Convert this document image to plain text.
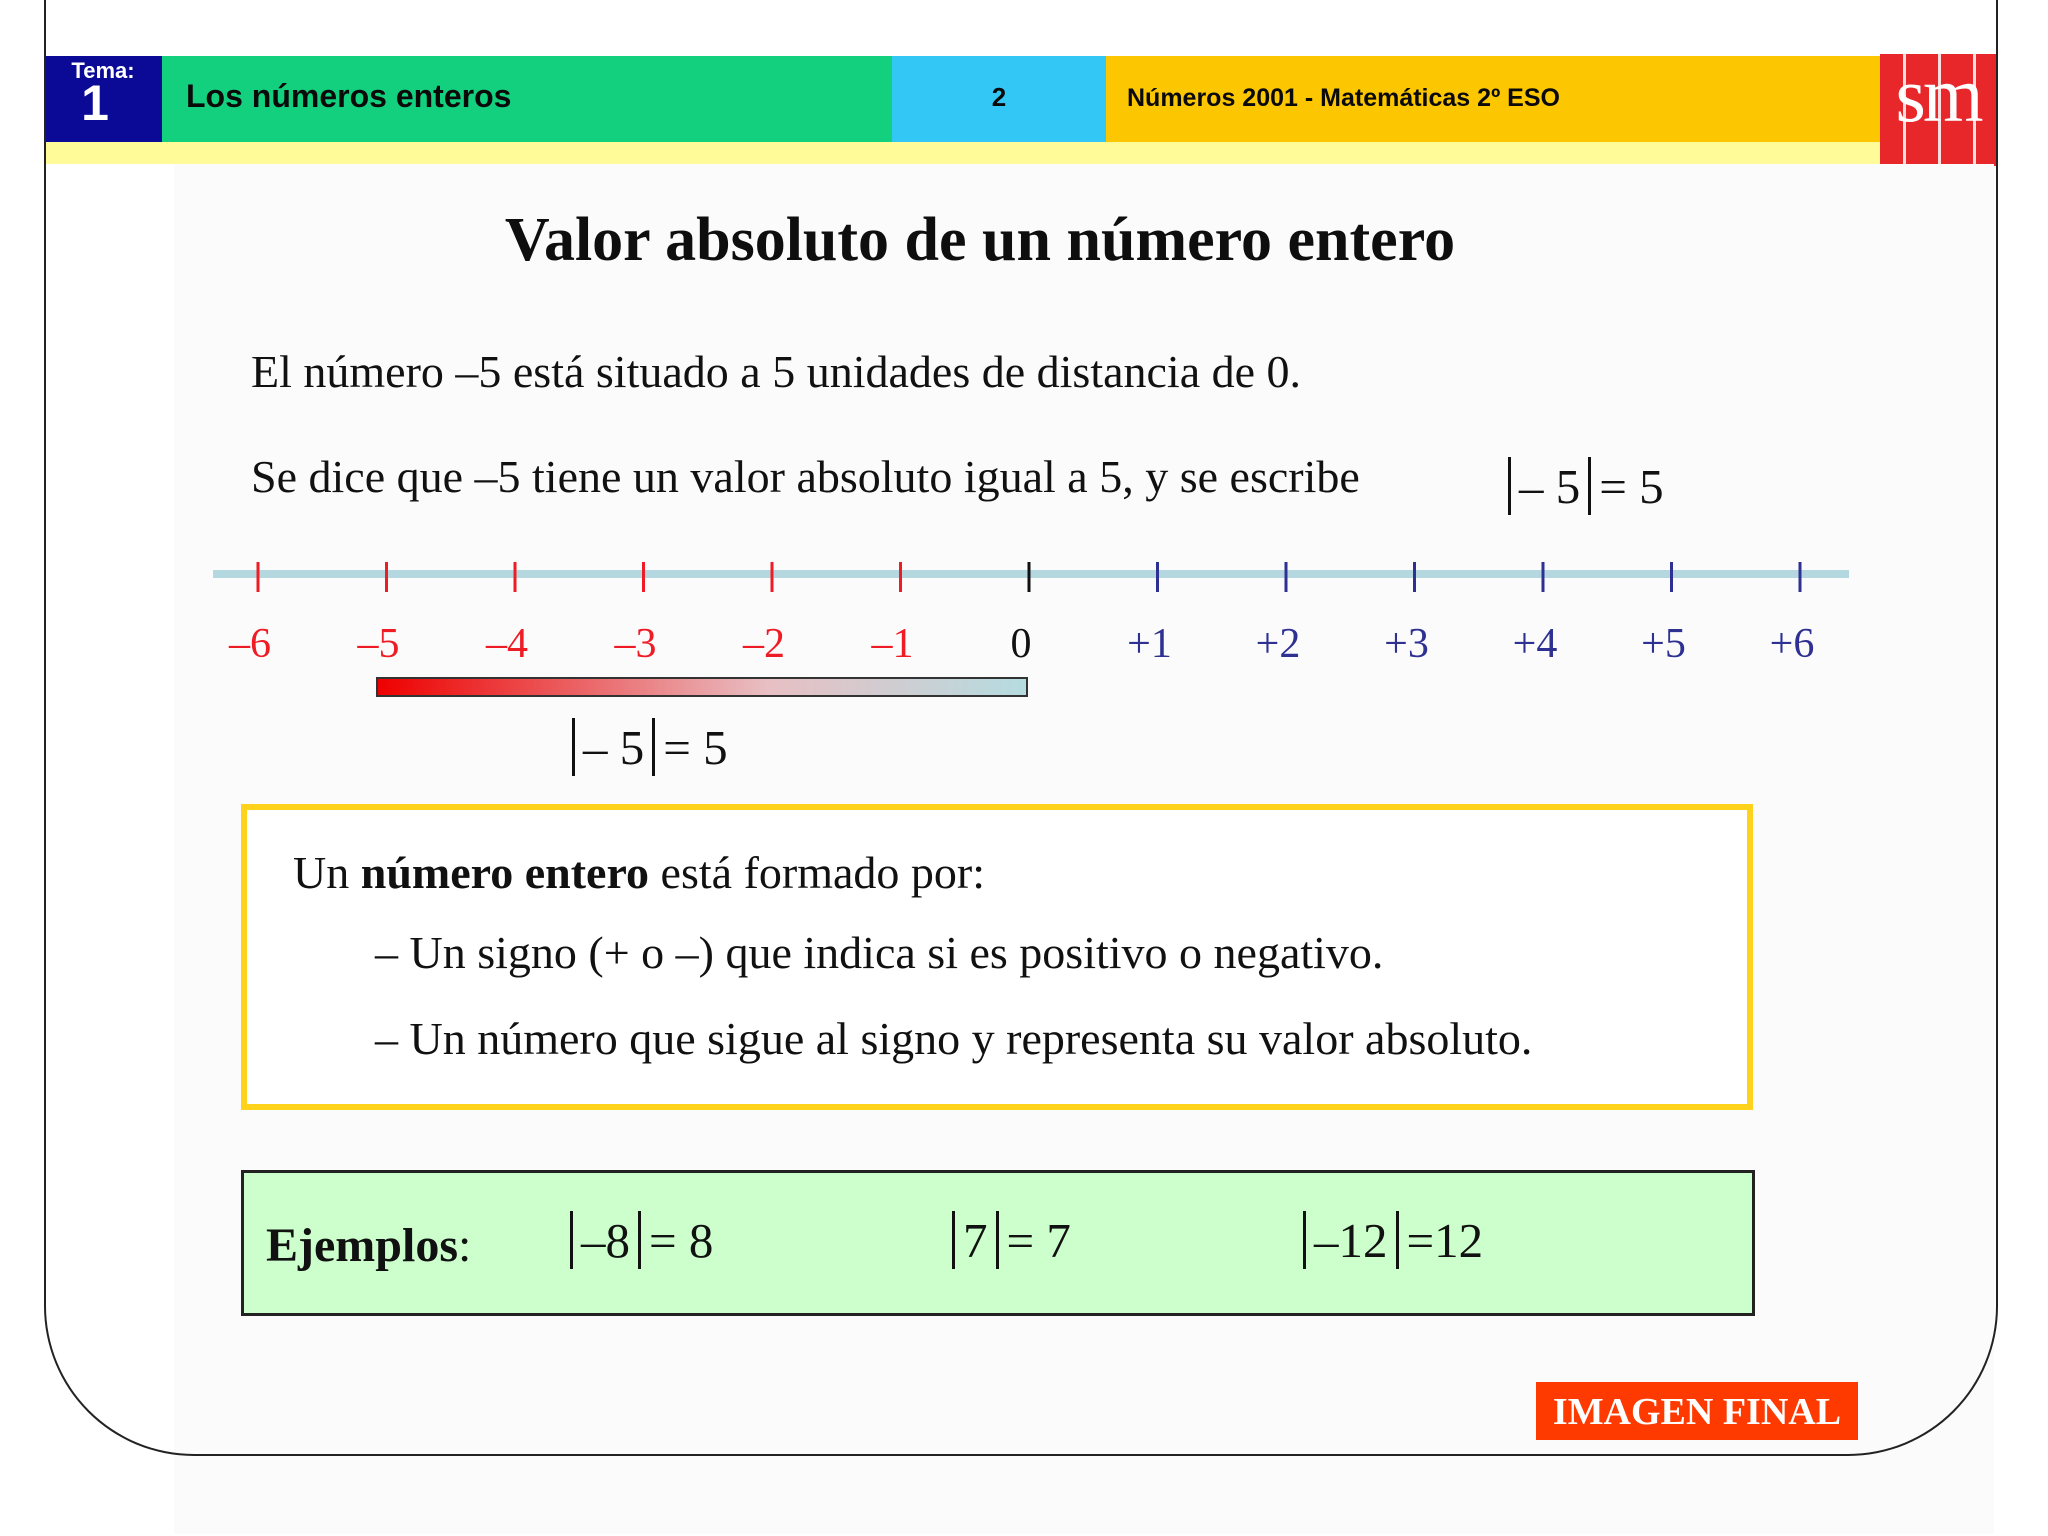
Tema:
1	Los números enteros	2	Números 2001 - Matemáticas 2º ESO	sm
Valor absoluto de un número entero
El número –5 está situado a 5 unidades de distancia de 0.
Se dice que –5 tiene un valor absoluto igual a 5, y se escribe	– 5 = 5
–6 –5 –4 –3 –2 –1 0 +1 +2 +3 +4 +5 +6
– 5 = 5
Un número entero está formado por:
– Un signo (+ o –) que indica si es positivo o negativo.
– Un número que sigue al signo y representa su valor absoluto.
Ejemplos:	–8 = 8	7 = 7	–12 =12
IMAGEN FINAL
